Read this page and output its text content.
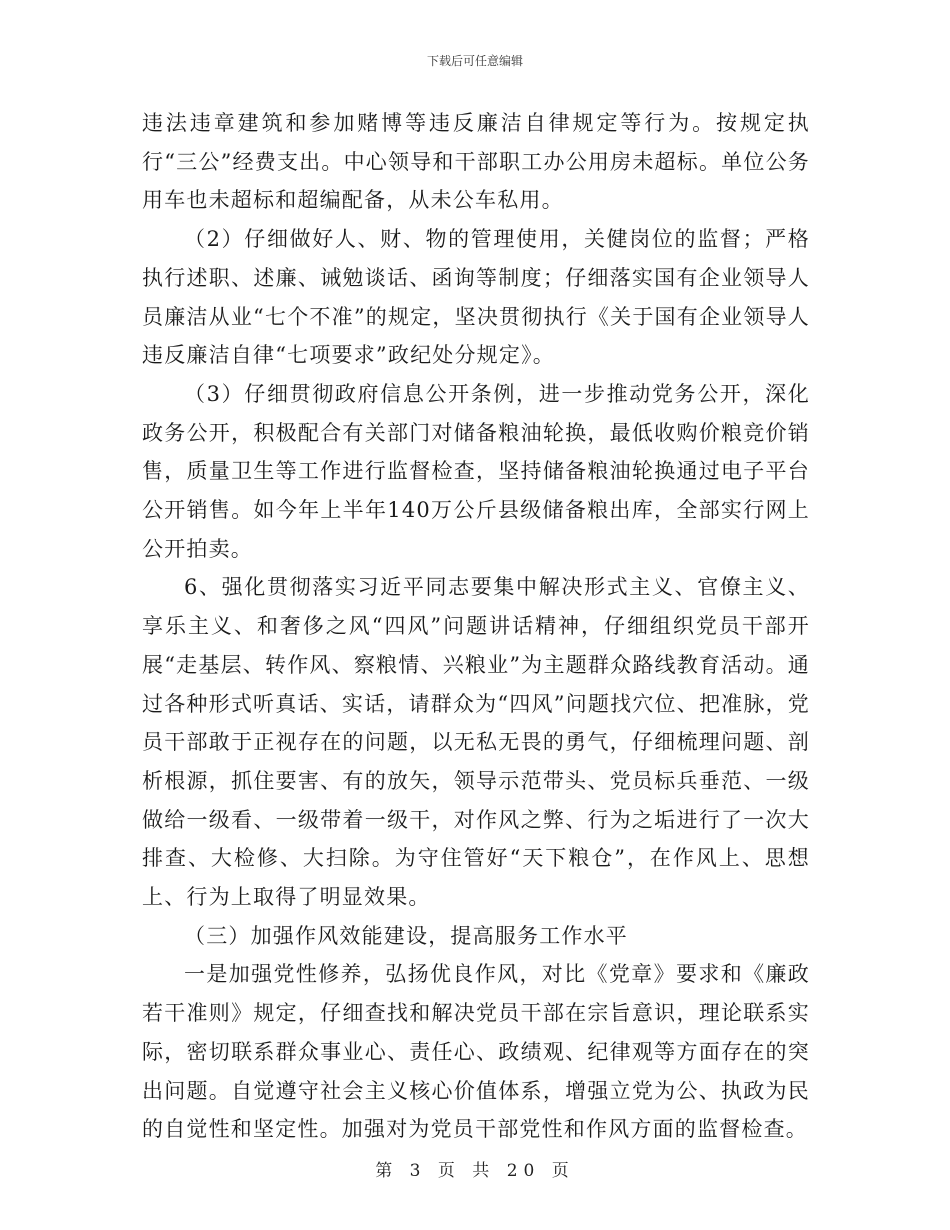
下载后可任意编辑

违法违章建筑和参加赌博等违反廉洁自律规定等行为。按规定执行“三公”经费支出。中心领导和干部职工办公用房未超标。单位公务用车也未超标和超编配备，从未公车私用。

（2）仔细做好人、财、物的管理使用，关健岗位的监督；严格执行述职、述廉、诫勉谈话、函询等制度；仔细落实国有企业领导人员廉洁从业“七个不准”的规定，坚决贯彻执行《关于国有企业领导人违反廉洁自律“七项要求”政纪处分规定》。

（3）仔细贯彻政府信息公开条例，进一步推动党务公开，深化政务公开，积极配合有关部门对储备粮油轮换，最低收购价粮竞价销售，质量卫生等工作进行监督检查，坚持储备粮油轮换通过电子平台公开销售。如今年上半年140万公斤县级储备粮出库，全部实行网上公开拍卖。

6、强化贯彻落实习近平同志要集中解决形式主义、官僚主义、享乐主义、和奢侈之风“四风”问题讲话精神，仔细组织党员干部开展“走基层、转作风、察粮情、兴粮业”为主题群众路线教育活动。通过各种形式听真话、实话，请群众为“四风”问题找穴位、把准脉，党员干部敢于正视存在的问题，以无私无畏的勇气，仔细梳理问题、剖析根源，抓住要害、有的放矢，领导示范带头、党员标兵垂范、一级做给一级看、一级带着一级干，对作风之弊、行为之垢进行了一次大排查、大检修、大扫除。为守住管好“天下粮仓”，在作风上、思想上、行为上取得了明显效果。

（三）加强作风效能建设，提高服务工作水平

一是加强党性修养，弘扬优良作风，对比《党章》要求和《廉政若干准则》规定，仔细查找和解决党员干部在宗旨意识，理论联系实际，密切联系群众事业心、责任心、政绩观、纪律观等方面存在的突出问题。自觉遵守社会主义核心价值体系，增强立党为公、执政为民的自觉性和坚定性。加强对为党员干部党性和作风方面的监督检查。

第 3 页 共 20 页
